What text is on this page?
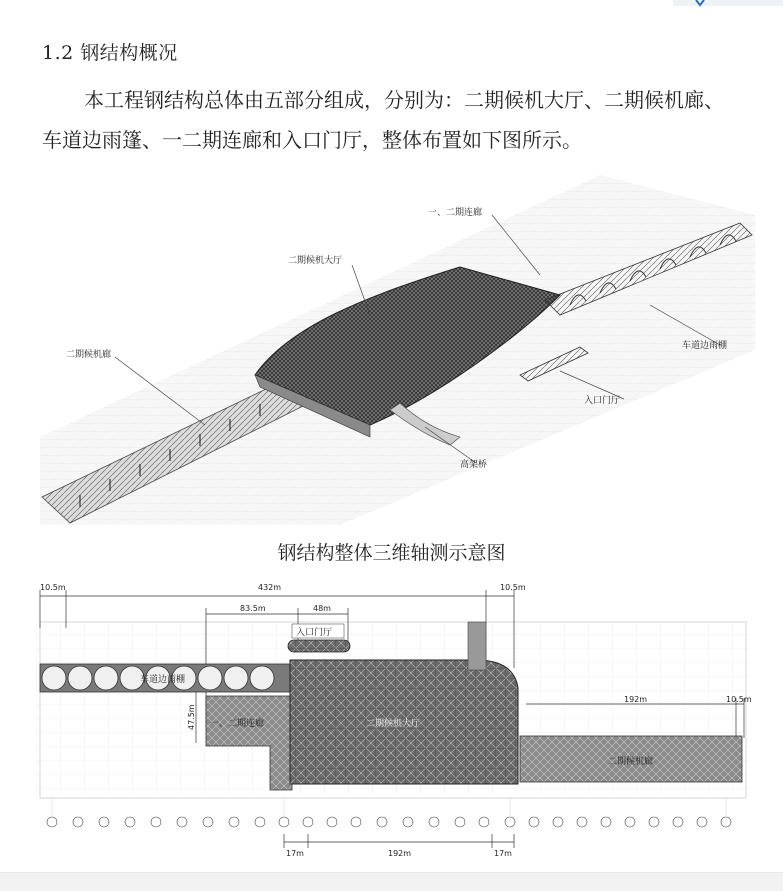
1.2 钢结构概况
本工程钢结构总体由五部分组成，分别为：二期候机大厅、二期候机廊、车道边雨篷、一二期连廊和入口门厅，整体布置如下图所示。
一、二期连廊
二期候机大厅
二期候机廊
车道边雨棚
入口门厅
高架桥
钢结构整体三维轴测示意图
10.5m	432m
83.5m	48m
10.5m
192m	10.5m
47.5m
入口门厅
车道边雨棚
一、二期连廊	二期候机大厅
二期候机廊
17m	192m	17m
